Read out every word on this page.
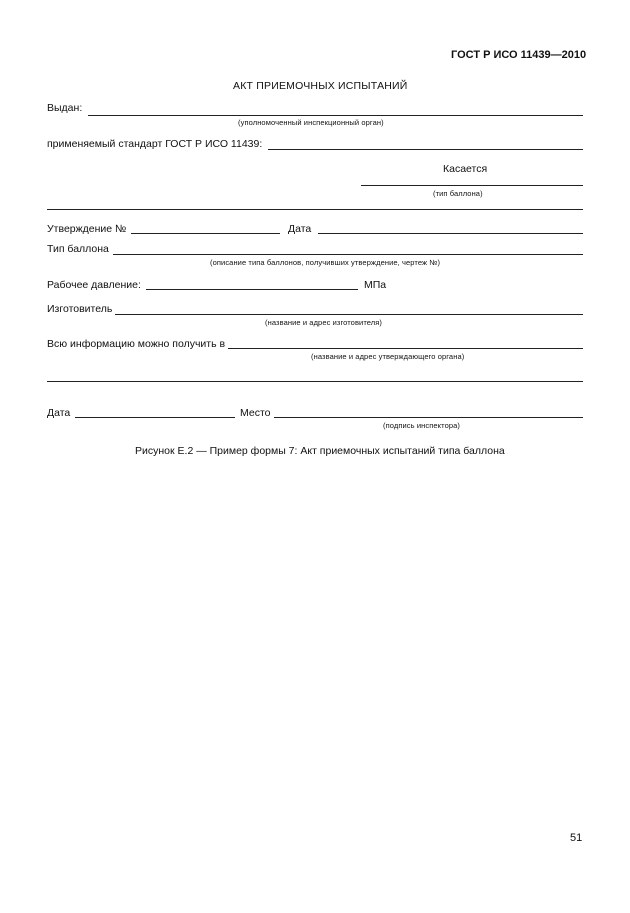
ГОСТ Р ИСО 11439—2010
АКТ ПРИЕМОЧНЫХ ИСПЫТАНИЙ
Выдан:
(уполномоченный инспекционный орган)
применяемый стандарт ГОСТ Р ИСО 11439:
Касается
(тип баллона)
Утверждение №	Дата
Тип баллона
(описание типа баллонов, получивших утверждение, чертеж №)
Рабочее давление:	МПа
Изготовитель
(название и адрес изготовителя)
Всю информацию можно получить в
(название и адрес утверждающего органа)
Дата	Место
(подпись инспектора)
Рисунок Е.2 — Пример формы 7: Акт приемочных испытаний типа баллона
51
